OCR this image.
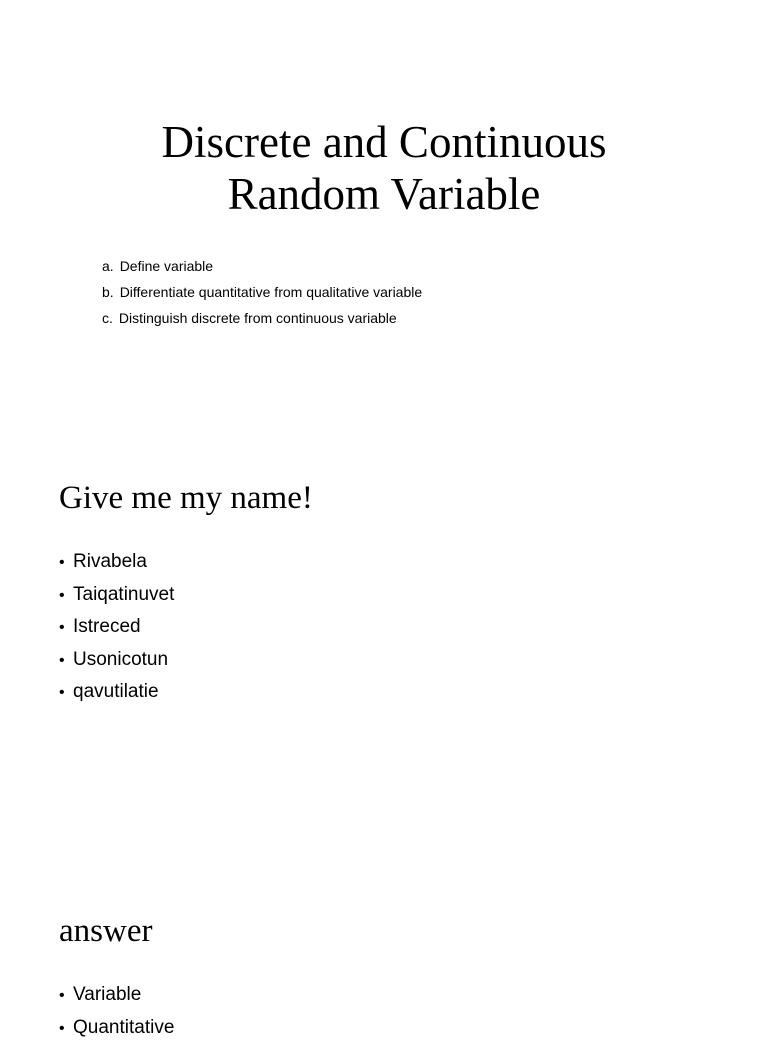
Discrete and Continuous
Random Variable
a. Define variable
b. Differentiate quantitative from qualitative variable
c. Distinguish discrete from continuous variable
Give me my name!
• Rivabela
• Taiqatinuvet
• Istreced
• Usonicotun
• qavutilatie
answer
• Variable
• Quantitative
